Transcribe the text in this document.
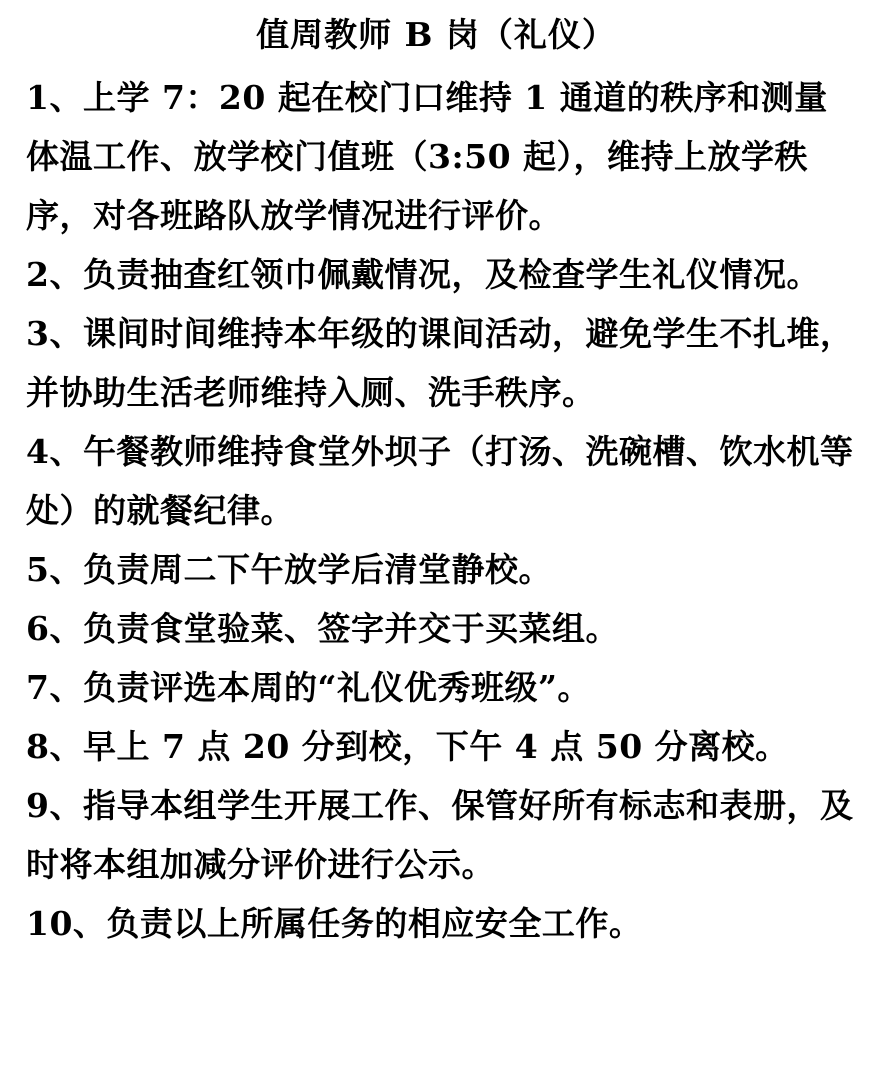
值周教师 B 岗（礼仪）
1、上学 7：20 起在校门口维持 1 通道的秩序和测量体温工作、放学校门值班（3:50 起），维持上放学秩序，对各班路队放学情况进行评价。
2、负责抽查红领巾佩戴情况，及检查学生礼仪情况。
3、课间时间维持本年级的课间活动，避免学生不扎堆，并协助生活老师维持入厕、洗手秩序。
4、午餐教师维持食堂外坝子（打汤、洗碗槽、饮水机等处）的就餐纪律。
5、负责周二下午放学后清堂静校。
6、负责食堂验菜、签字并交于买菜组。
7、负责评选本周的“礼仪优秀班级”。
8、早上 7 点 20 分到校，下午 4 点 50 分离校。
9、指导本组学生开展工作、保管好所有标志和表册，及时将本组加减分评价进行公示。
10、负责以上所属任务的相应安全工作。
